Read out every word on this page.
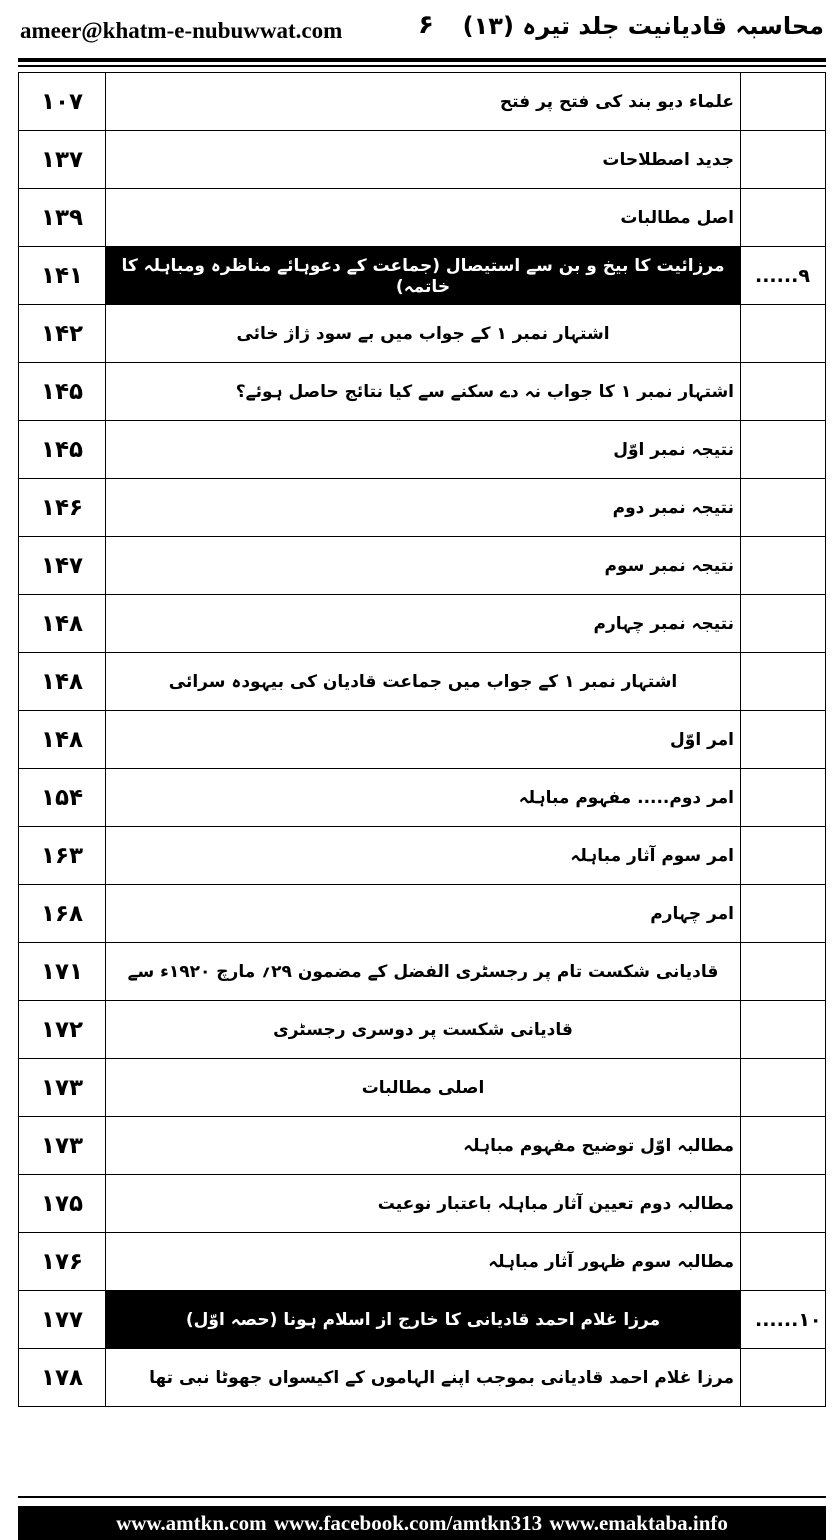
ameer@khatm-e-nubuwwat.com	۶ محاسبہ قادیانیت جلد تیرہ (۱۳)
۱۰۷	علماء دیو بند کی فتح پر فتح	
۱۳۷	جدید اصطلاحات	
۱۳۹	اصل مطالبات	
۱۴۱	مرزائیت کا بیخ و بن سے استیصال (جماعت کے دعوہائے مناظرہ ومباہلہ کا خاتمہ)	۹......
۱۴۲	اشتہار نمبر ۱ کے جواب میں بے سود ژاژ خائی	
۱۴۵	اشتہار نمبر ۱ کا جواب نہ دے سکنے سے کیا نتائج حاصل ہوئے؟	
۱۴۵	نتیجہ نمبر اوّل	
۱۴۶	نتیجہ نمبر دوم	
۱۴۷	نتیجہ نمبر سوم	
۱۴۸	نتیجہ نمبر چہارم	
۱۴۸	اشتہار نمبر ۱ کے جواب میں جماعت قادیان کی بیہودہ سرائی	
۱۴۸	امر اوّل	
۱۵۴	امر دوم..... مفہوم مباہلہ	
۱۶۳	امر سوم آثار مباہلہ	
۱۶۸	امر چہارم	
۱۷۱	قادیانی شکست تام پر رجسٹری الفضل کے مضمون ۲۹؍ مارچ ۱۹۲۰ء سے	
۱۷۲	قادیانی شکست پر دوسری رجسٹری	
۱۷۳	اصلی مطالبات	
۱۷۳	مطالبہ اوّل توضیح مفہوم مباہلہ	
۱۷۵	مطالبہ دوم تعیین آثار مباہلہ باعتبار نوعیت	
۱۷۶	مطالبہ سوم ظہور آثار مباہلہ	
۱۷۷	مرزا غلام احمد قادیانی کا خارج از اسلام ہونا (حصہ اوّل)	۱۰......
۱۷۸	مرزا غلام احمد قادیانی بموجب اپنے الہاموں کے اکیسواں جھوٹا نبی تھا	
www.amtkn.com www.facebook.com/amtkn313 www.emaktaba.info
